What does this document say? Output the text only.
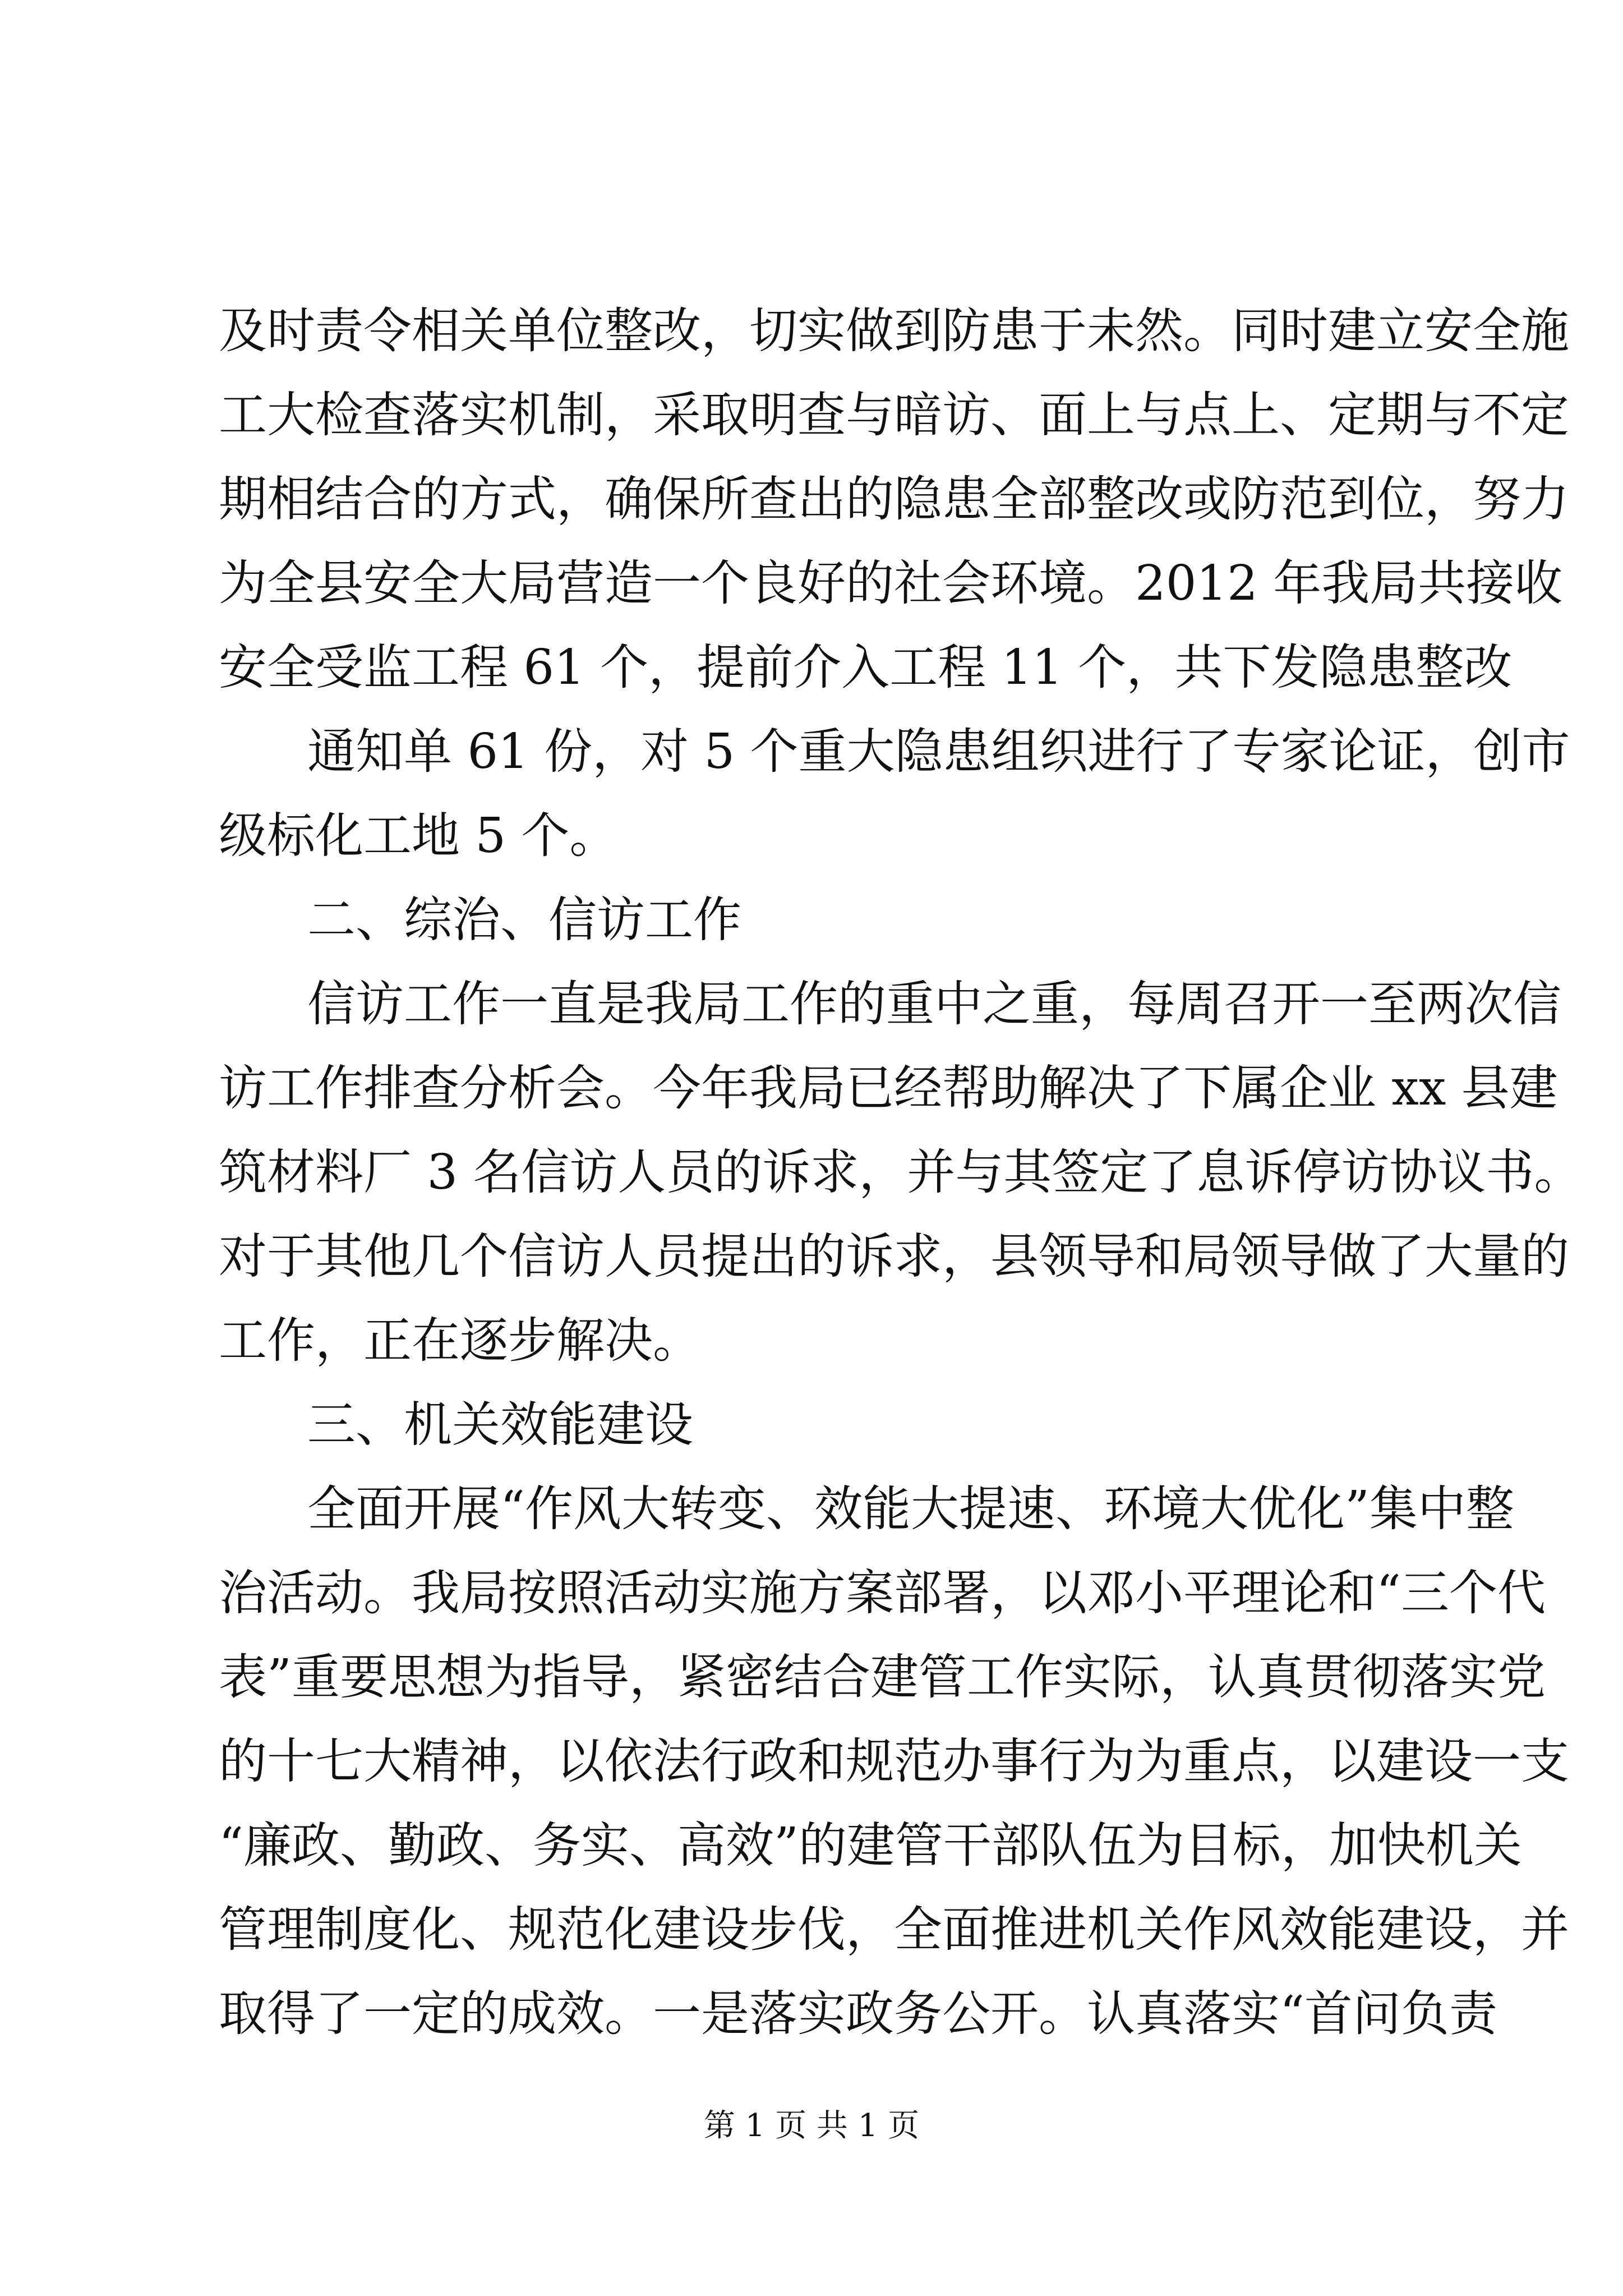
及时责令相关单位整改，切实做到防患于未然。同时建立安全施
工大检查落实机制，采取明查与暗访、面上与点上、定期与不定
期相结合的方式，确保所查出的隐患全部整改或防范到位，努力
为全县安全大局营造一个良好的社会环境。2012 年我局共接收
安全受监工程 61 个，提前介入工程 11 个，共下发隐患整改
通知单 61 份，对 5 个重大隐患组织进行了专家论证，创市
级标化工地 5 个。
二、综治、信访工作
信访工作一直是我局工作的重中之重，每周召开一至两次信
访工作排查分析会。今年我局已经帮助解决了下属企业 xx 县建
筑材料厂 3 名信访人员的诉求，并与其签定了息诉停访协议书。
对于其他几个信访人员提出的诉求，县领导和局领导做了大量的
工作，正在逐步解决。
三、机关效能建设
全面开展“作风大转变、效能大提速、环境大优化”集中整
治活动。我局按照活动实施方案部署，以邓小平理论和“三个代
表”重要思想为指导，紧密结合建管工作实际，认真贯彻落实党
的十七大精神，以依法行政和规范办事行为为重点，以建设一支
“廉政、勤政、务实、高效”的建管干部队伍为目标，加快机关
管理制度化、规范化建设步伐，全面推进机关作风效能建设，并
取得了一定的成效。一是落实政务公开。认真落实“首问负责
第 1 页 共 1 页
